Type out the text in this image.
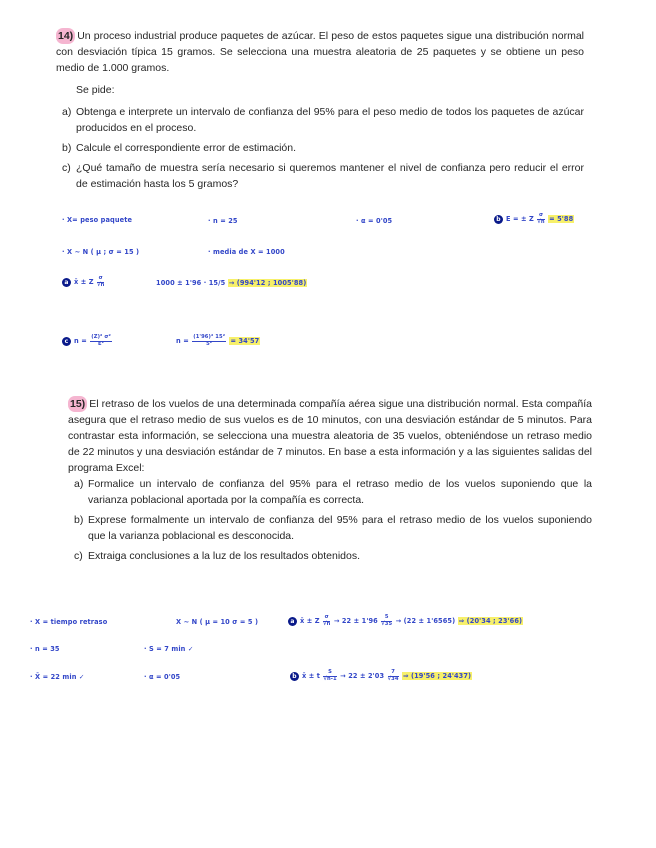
14) Un proceso industrial produce paquetes de azúcar. El peso de estos paquetes sigue una distribución normal con desviación típica 15 gramos. Se selecciona una muestra aleatoria de 25 paquetes y se obtiene un peso medio de 1.000 gramos.

Se pide:

a) Obtenga e interprete un intervalo de confianza del 95% para el peso medio de todos los paquetes de azúcar producidos en el proceso.

b) Calcule el correspondiente error de estimación.

c) ¿Qué tamaño de muestra sería necesario si queremos mantener el nivel de confianza pero reducir el error de estimación hasta los 5 gramos?

· X= peso paquete	· n = 25	· α = 0'05	b E = ± Z $\frac{\sigma}{√n} = 5'88$
· X ~ N ( μ ; σ = 15 )	· media de X = 1000
a x̄ ± Z $\frac{\sigma}{√n}$	1000 ± 1'96 · 15/5 → (994'12 ; 1005'88)
c $n = \frac{\text{(Z)² σ²}}{\text{E²}}$	$n = \frac{\text{(1'96)² 15²}}{\text{5²}} = 34'57$

15) El retraso de los vuelos de una determinada compañía aérea sigue una distribución normal. Esta compañía asegura que el retraso medio de sus vuelos es de 10 minutos, con una desviación estándar de 5 minutos. Para contrastar esta información, se selecciona una muestra aleatoria de 35 vuelos, obteniéndose un retraso medio de 22 minutos y una desviación estándar de 7 minutos. En base a esta información y a las siguientes salidas del programa Excel:

a) Formalice un intervalo de confianza del 95% para el retraso medio de los vuelos suponiendo que la varianza poblacional aportada por la compañía es correcta.

b) Exprese formalmente un intervalo de confianza del 95% para el retraso medio de los vuelos suponiendo que la varianza poblacional es desconocida.

c) Extraiga conclusiones a la luz de los resultados obtenidos.

· X = tiempo retraso	X ~ N ( μ = 10 σ = 5 )	a x̄ ± Z $\frac{\sigma}{√n} \to 22 \pm 1'96 \frac{5}{√35} \to (22 \pm 1'6565)$ ⇒ (20'34 ; 23'66)
· n = 35	· S = 7 min ✓
· X̄ = 22 min ✓	· α = 0'05	b x̄ ± t $\frac{S}{√n-1} \to 22 \pm 2'03 \frac{7}{√34}$ ⇒ (19'56 ; 24'437)
